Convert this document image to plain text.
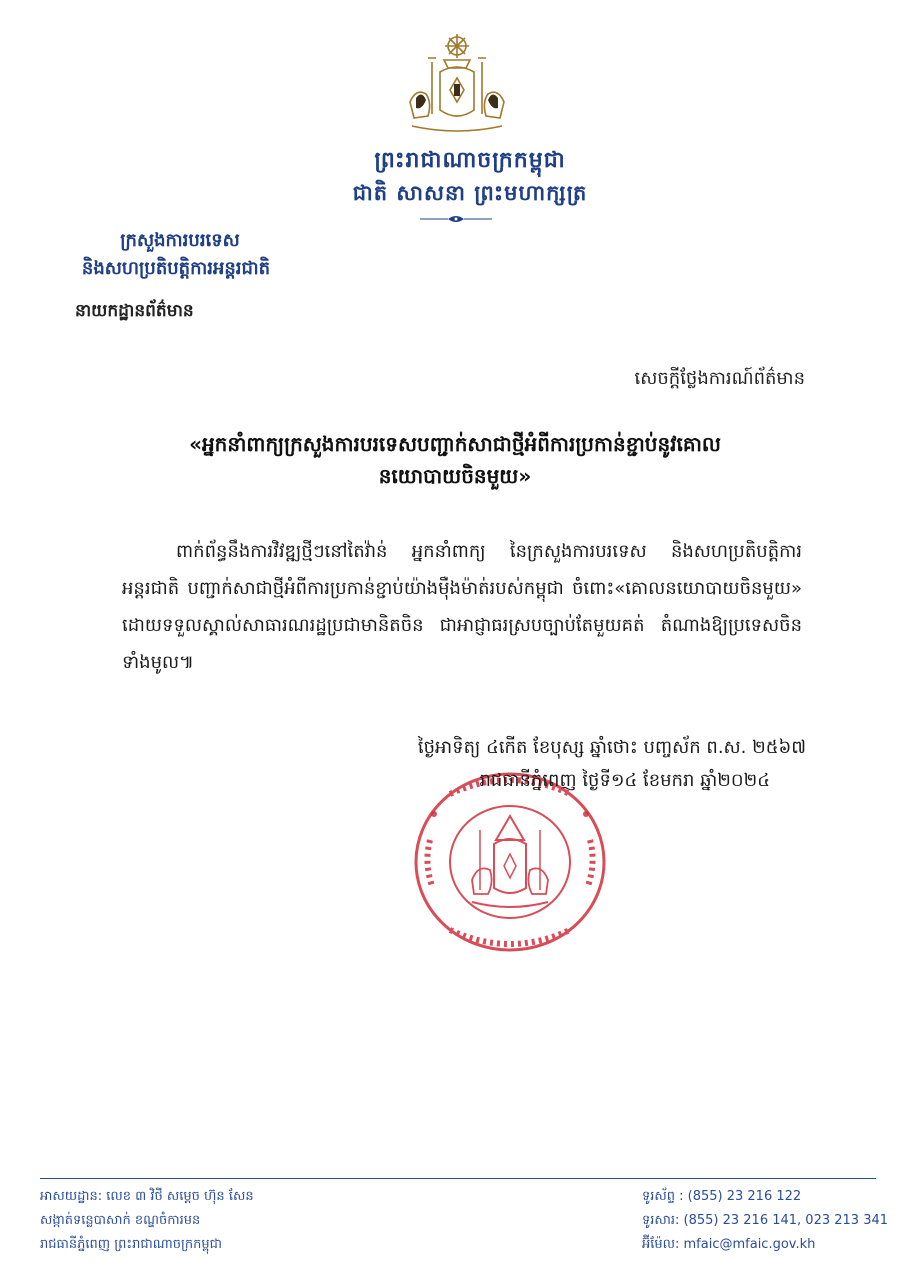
ព្រះរាជាណាចក្រកម្ពុជា
ជាតិ សាសនា ព្រះមហាក្សត្រ
ក្រសួងការបរទេស
និងសហប្រតិបត្តិការអន្តរជាតិ
នាយកដ្ឋានព័ត៌មាន
សេចក្ដីថ្លែងការណ៍ព័ត៌មាន
«អ្នកនាំពាក្យក្រសួងការបរទេសបញ្ជាក់សាជាថ្មីអំពីការប្រកាន់ខ្ជាប់នូវគោលនយោបាយចិនមួយ»
ពាក់ព័ន្ធនឹងការវិវឌ្ឍថ្មីៗនៅតៃវ៉ាន់ អ្នកនាំពាក្យ នៃក្រសួងការបរទេស និងសហប្រតិបត្តិការអន្តរជាតិ បញ្ជាក់សាជាថ្មីអំពីការប្រកាន់ខ្ជាប់យ៉ាងម៉ឺងម៉ាត់របស់កម្ពុជា ចំពោះ«គោលនយោបាយចិនមួយ» ដោយទទួលស្គាល់សាធារណរដ្ឋប្រជាមានិតចិន ជាអាជ្ញាធរស្របច្បាប់តែមួយគត់ តំណាងឱ្យប្រទេសចិនទាំងមូល៕
ថ្ងៃអាទិត្យ ៤កើត ខែបុស្ស ឆ្នាំថោះ បញ្ចស័ក ព.ស. ២៥៦៧
រាជធានីភ្នំពេញ ថ្ងៃទី១៤ ខែមករា ឆ្នាំ២០២៤
អាសយដ្ឋាន: លេខ ៣ វិថី សម្ដេច ហ៊ុន សែន
សង្កាត់ទន្លេបាសាក់ ខណ្ឌចំការមន
រាជធានីភ្នំពេញ ព្រះរាជាណាចក្រកម្ពុជា
ទូរស័ព្ទ : (855) 23 216 122
ទូរសារ: (855) 23 216 141, 023 213 341
អ៊ីម៉ែល: mfaic@mfaic.gov.kh
